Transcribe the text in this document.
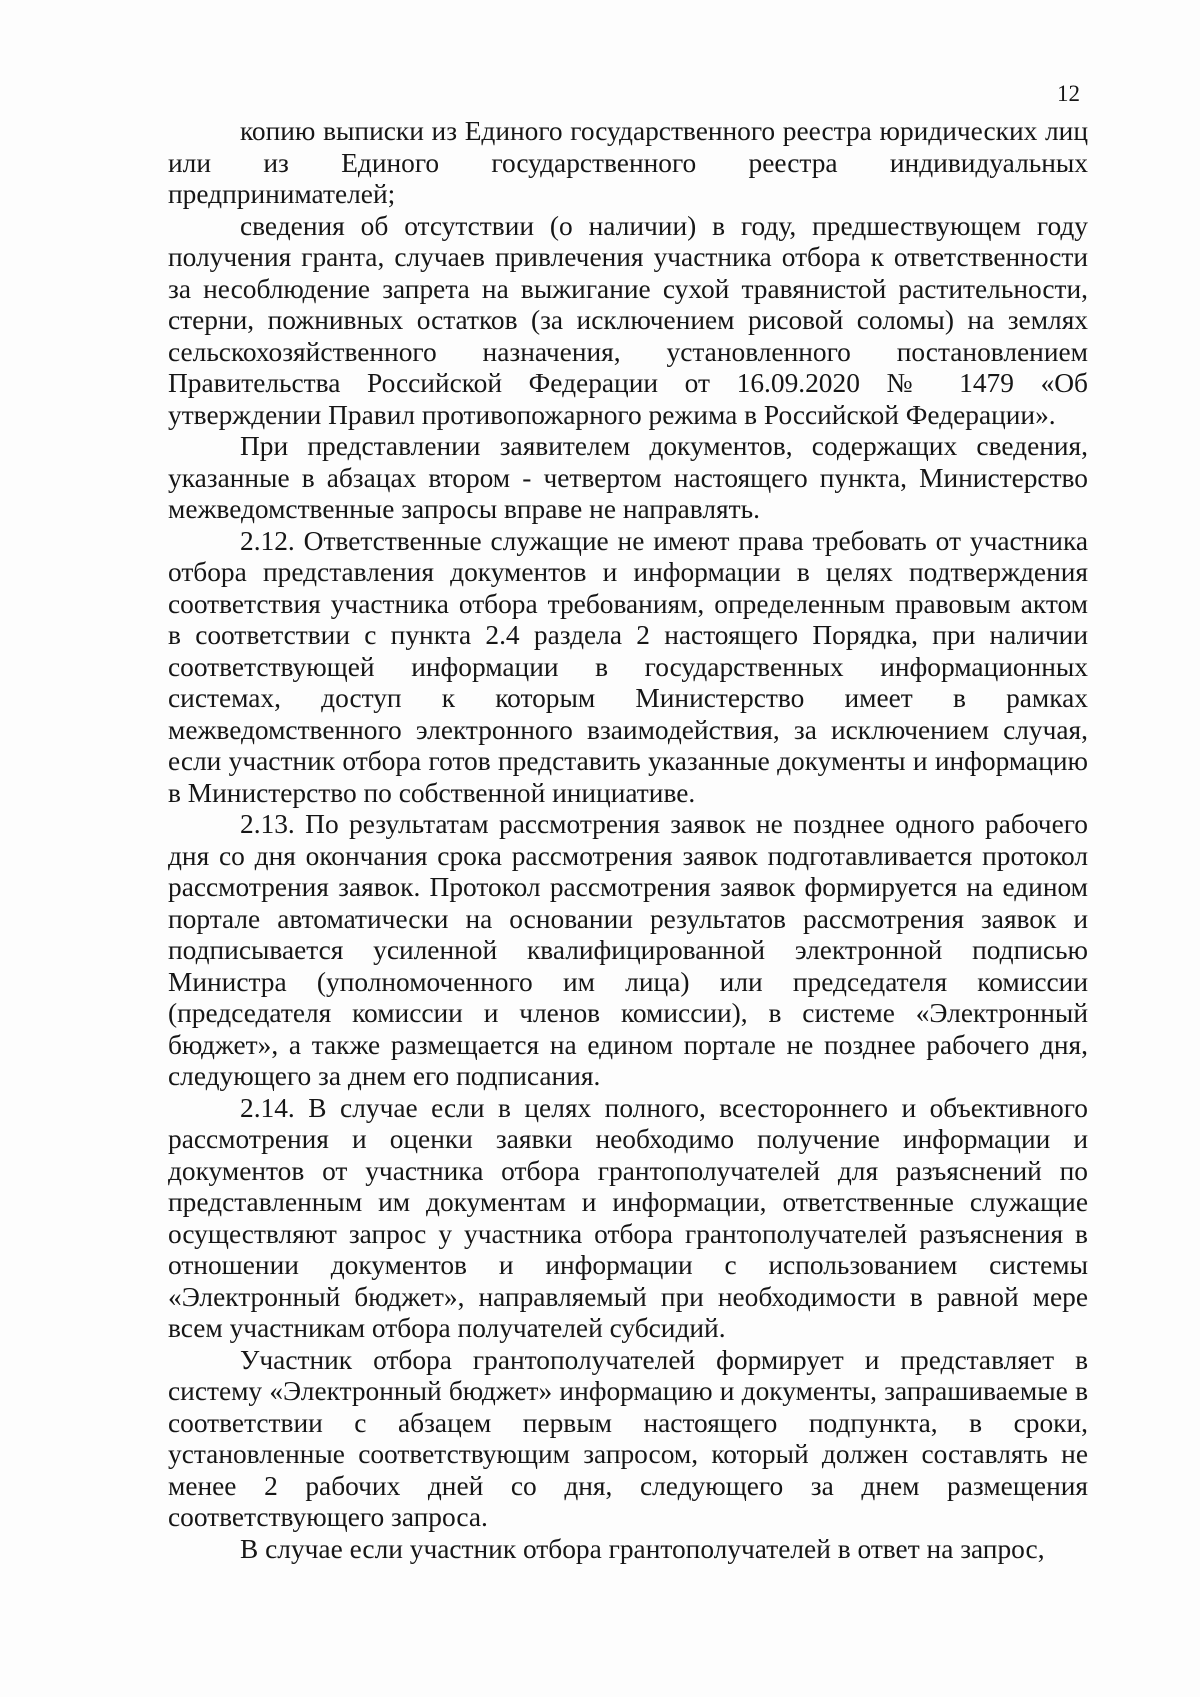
12

копию выписки из Единого государственного реестра юридических лиц или из Единого государственного реестра индивидуальных предпринимателей;

сведения об отсутствии (о наличии) в году, предшествующем году получения гранта, случаев привлечения участника отбора к ответственности за несоблюдение запрета на выжигание сухой травянистой растительности, стерни, пожнивных остатков (за исключением рисовой соломы) на землях сельскохозяйственного назначения, установленного постановлением Правительства Российской Федерации от 16.09.2020 № 1479 «Об утверждении Правил противопожарного режима в Российской Федерации».

При представлении заявителем документов, содержащих сведения, указанные в абзацах втором - четвертом настоящего пункта, Министерство межведомственные запросы вправе не направлять.

2.12. Ответственные служащие не имеют права требовать от участника отбора представления документов и информации в целях подтверждения соответствия участника отбора требованиям, определенным правовым актом в соответствии с пункта 2.4 раздела 2 настоящего Порядка, при наличии соответствующей информации в государственных информационных системах, доступ к которым Министерство имеет в рамках межведомственного электронного взаимодействия, за исключением случая, если участник отбора готов представить указанные документы и информацию в Министерство по собственной инициативе.

2.13. По результатам рассмотрения заявок не позднее одного рабочего дня со дня окончания срока рассмотрения заявок подготавливается протокол рассмотрения заявок. Протокол рассмотрения заявок формируется на едином портале автоматически на основании результатов рассмотрения заявок и подписывается усиленной квалифицированной электронной подписью Министра (уполномоченного им лица) или председателя комиссии (председателя комиссии и членов комиссии), в системе «Электронный бюджет», а также размещается на едином портале не позднее рабочего дня, следующего за днем его подписания.

2.14. В случае если в целях полного, всестороннего и объективного рассмотрения и оценки заявки необходимо получение информации и документов от участника отбора грантополучателей для разъяснений по представленным им документам и информации, ответственные служащие осуществляют запрос у участника отбора грантополучателей разъяснения в отношении документов и информации с использованием системы «Электронный бюджет», направляемый при необходимости в равной мере всем участникам отбора получателей субсидий.

Участник отбора грантополучателей формирует и представляет в систему «Электронный бюджет» информацию и документы, запрашиваемые в соответствии с абзацем первым настоящего подпункта, в сроки, установленные соответствующим запросом, который должен составлять не менее 2 рабочих дней со дня, следующего за днем размещения соответствующего запроса.

В случае если участник отбора грантополучателей в ответ на запрос,
